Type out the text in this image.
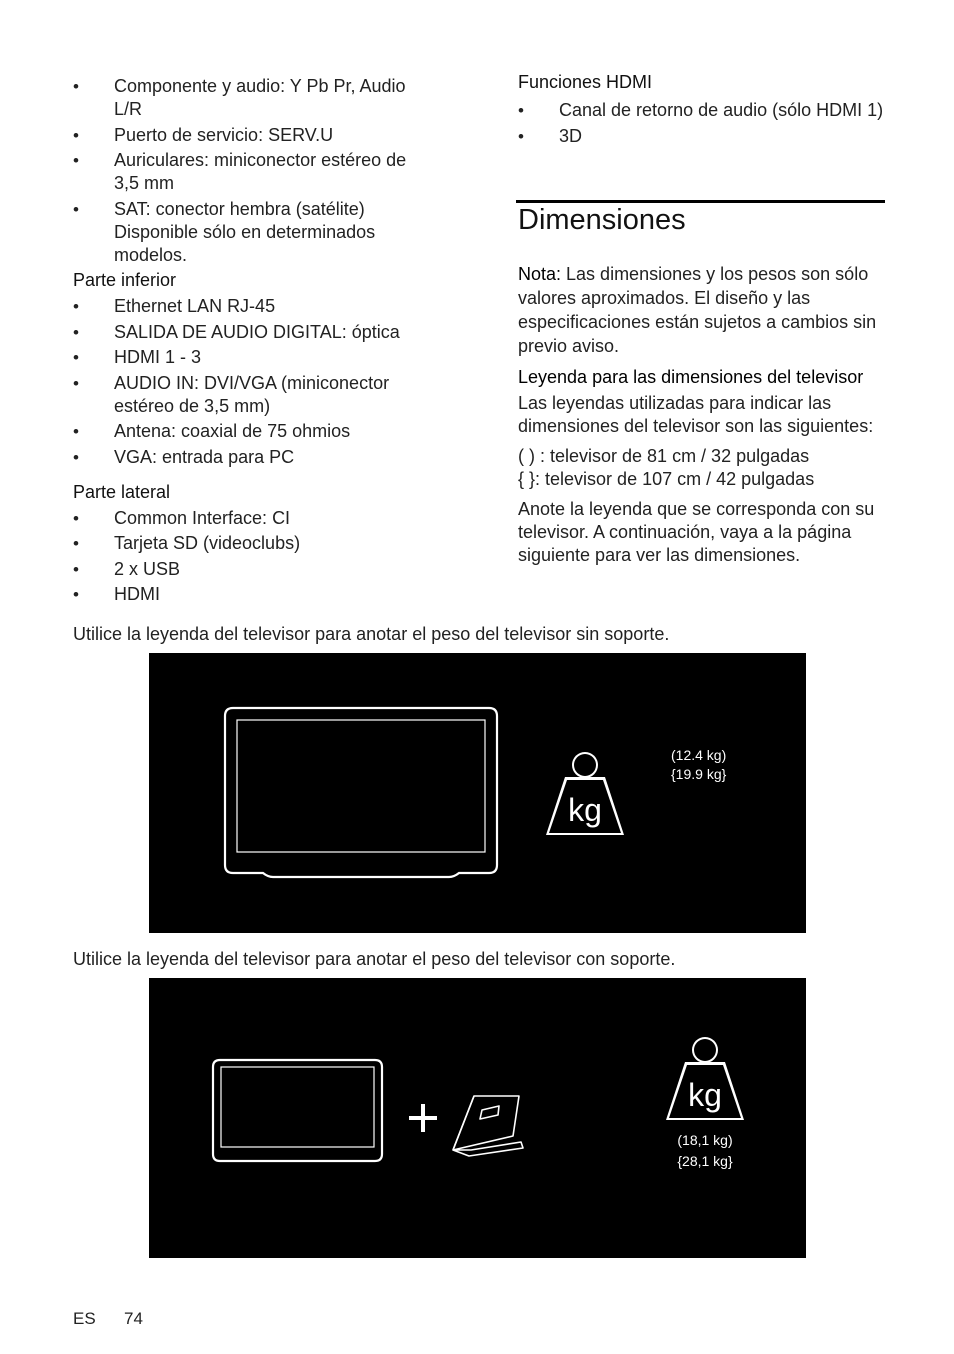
• Componente y audio: Y Pb Pr, Audio L/R
• Puerto de servicio: SERV.U
• Auriculares: miniconector estéreo de 3,5 mm
• SAT: conector hembra (satélite) Disponible sólo en determinados modelos.
Parte inferior
• Ethernet LAN RJ-45
• SALIDA DE AUDIO DIGITAL: óptica
• HDMI 1 - 3
• AUDIO IN: DVI/VGA (miniconector estéreo de 3,5 mm)
• Antena: coaxial de 75 ohmios
• VGA: entrada para PC
Parte lateral
• Common Interface: CI
• Tarjeta SD (videoclubs)
• 2 x USB
• HDMI
Funciones HDMI
• Canal de retorno de audio (sólo HDMI 1)
• 3D
Dimensiones
Nota: Las dimensiones y los pesos son sólo valores aproximados. El diseño y las especificaciones están sujetos a cambios sin previo aviso.
Leyenda para las dimensiones del televisor
Las leyendas utilizadas para indicar las dimensiones del televisor son las siguientes:
( ) : televisor de 81 cm / 32 pulgadas
{ }: televisor de 107 cm / 42 pulgadas
Anote la leyenda que se corresponda con su televisor. A continuación, vaya a la página siguiente para ver las dimensiones.
Utilice la leyenda del televisor para anotar el peso del televisor sin soporte.
kg
(12.4 kg)
{19.9 kg}
Utilice la leyenda del televisor para anotar el peso del televisor con soporte.
kg
(18,1 kg)
{28,1 kg}
ES 74
